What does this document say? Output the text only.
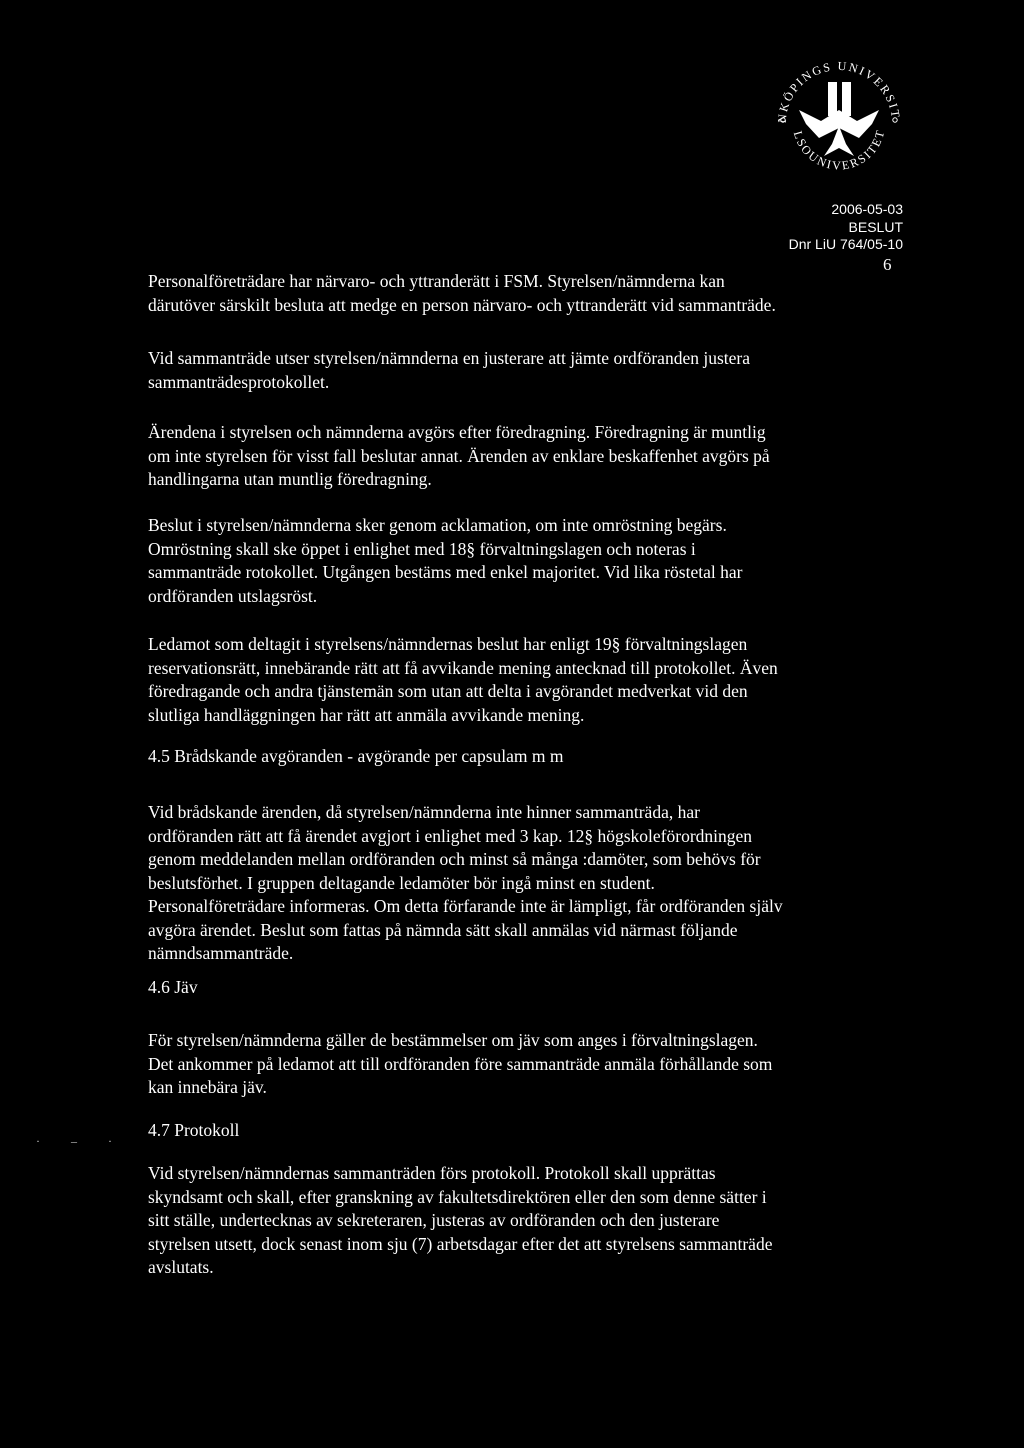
NKÖPINGS UNIVERSIT
LSOUNIVERSITET
2006-05-03
BESLUT
Dnr LiU 764/05-10
6

Personalföreträdare har närvaro- och yttranderätt i FSM. Styrelsen/nämnderna kan
därutöver särskilt besluta att medge en person närvaro- och yttranderätt vid sammanträde.

Vid sammanträde utser styrelsen/nämnderna en justerare att jämte ordföranden justera
sammanträdesprotokollet.

Ärendena i styrelsen och nämnderna avgörs efter föredragning. Föredragning är muntlig
om inte styrelsen för visst fall beslutar annat. Ärenden av enklare beskaffenhet avgörs på
handlingarna utan muntlig föredragning.

Beslut i styrelsen/nämnderna sker genom acklamation, om inte omröstning begärs.
Omröstning skall ske öppet i enlighet med 18§ förvaltningslagen och noteras i
sammanträde rotokollet. Utgången bestäms med enkel majoritet. Vid lika röstetal har
ordföranden utslagsröst.

Ledamot som deltagit i styrelsens/nämndernas beslut har enligt 19§ förvaltningslagen
reservationsrätt, innebärande rätt att få avvikande mening antecknad till protokollet. Även
föredragande och andra tjänstemän som utan att delta i avgörandet medverkat vid den
slutliga handläggningen har rätt att anmäla avvikande mening.

4.5 Brådskande avgöranden - avgörande per capsulam m m

Vid brådskande ärenden, då styrelsen/nämnderna inte hinner sammanträda, har
ordföranden rätt att få ärendet avgjort i enlighet med 3 kap. 12§ högskoleförordningen
genom meddelanden mellan ordföranden och minst så många :damöter, som behövs för
beslutsförhet. I gruppen deltagande ledamöter bör ingå minst en student.
Personalföreträdare informeras. Om detta förfarande inte är lämpligt, får ordföranden själv
avgöra ärendet. Beslut som fattas på nämnda sätt skall anmälas vid närmast följande
nämndsammanträde.

4.6 Jäv

För styrelsen/nämnderna gäller de bestämmelser om jäv som anges i förvaltningslagen.
Det ankommer på ledamot att till ordföranden före sammanträde anmäla förhållande som
kan innebära jäv.

4.7 Protokoll
· – ·

Vid styrelsen/nämndernas sammanträden förs protokoll. Protokoll skall upprättas
skyndsamt och skall, efter granskning av fakultetsdirektören eller den som denne sätter i
sitt ställe, undertecknas av sekreteraren, justeras av ordföranden och den justerare
styrelsen utsett, dock senast inom sju (7) arbetsdagar efter det att styrelsens sammanträde
avslutats.
